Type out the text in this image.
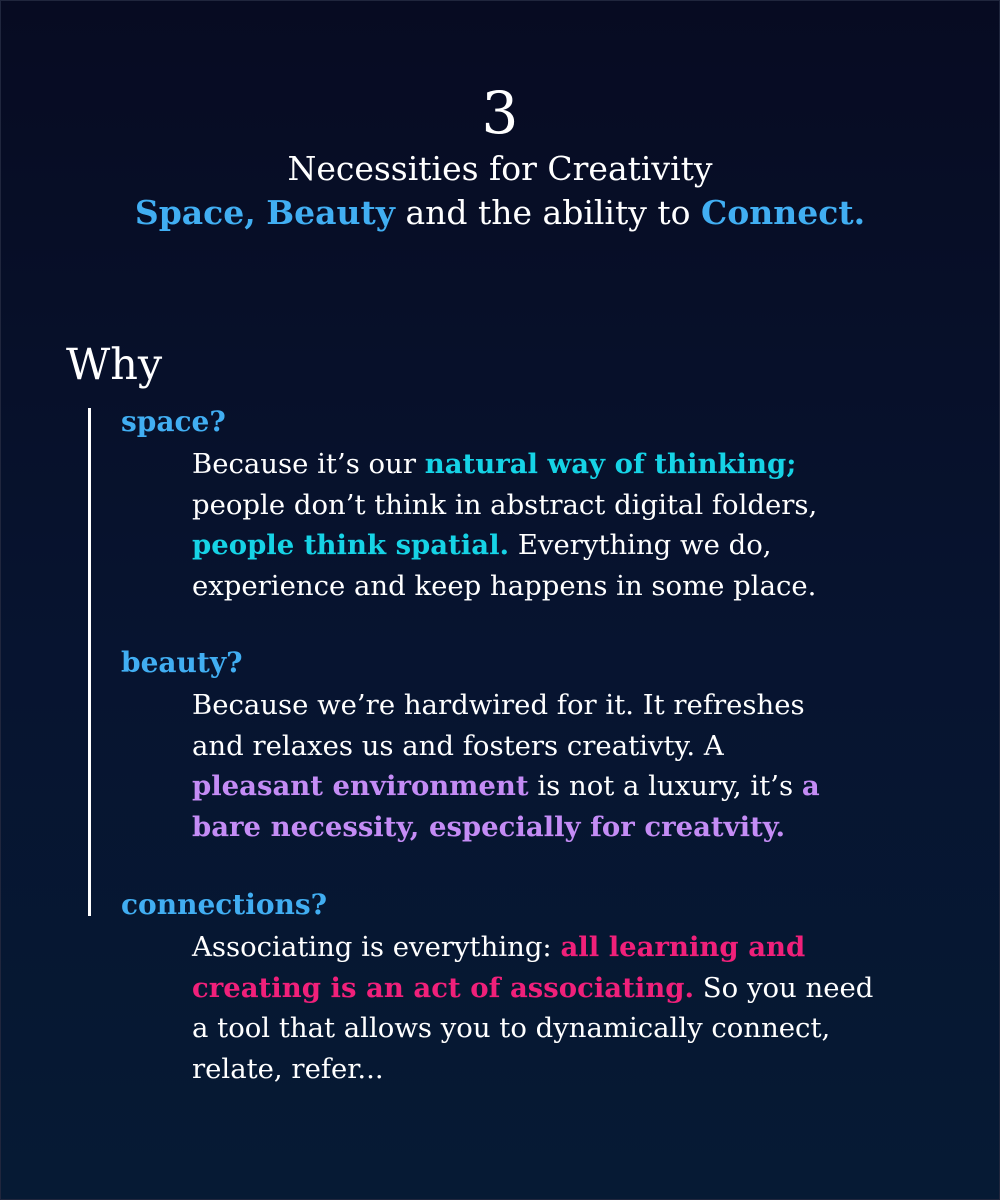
3
Necessities for Creativity
Space, Beauty and the ability to Connect.
Why
space?
Because it’s our natural way of thinking;
people don’t think in abstract digital folders,
people think spatial. Everything we do,
experience and keep happens in some place.
beauty?
Because we’re hardwired for it. It refreshes
and relaxes us and fosters creativty. A
pleasant environment is not a luxury, it’s a
bare necessity, especially for creatvity.
connections?
Associating is everything: all learning and
creating is an act of associating. So you need
a tool that allows you to dynamically connect,
relate, refer...
